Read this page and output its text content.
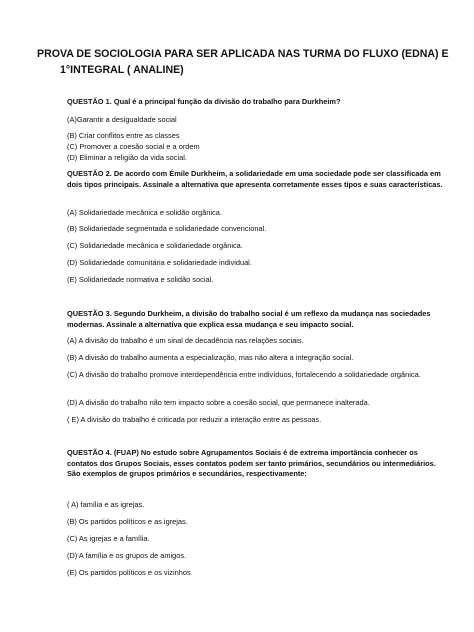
PROVA DE SOCIOLOGIA PARA SER APLICADA NAS TURMA DO FLUXO (EDNA) E
1°INTEGRAL ( ANALINE)
QUESTÃO 1. Qual é a principal função da divisão do trabalho para Durkheim?
(A)Garantir a desigualdade social
(B) Criar conflitos entre as classes
(C) Promover a coesão social e a ordem
(D) Eliminar a religião da vida social.
QUESTÃO 2. De acordo com Émile Durkheim, a solidariedade em uma sociedade pode ser classificada em dois tipos principais. Assinale a alternativa que apresenta corretamente esses tipos e suas características.
(A) Solidariedade mecânica e solidão orgânica.
(B) Solidariedade segmentada e solidariedade convencional.
(C) Solidariedade mecânica e solidariedade orgânica.
(D) Solidariedade comunitária e solidariedade individual.
(E) Solidariedade normativa e solidão social.
QUESTÃO 3. Segundo Durkheim, a divisão do trabalho social é um reflexo da mudança nas sociedades modernas. Assinale a alternativa que explica essa mudança e seu impacto social.
(A) A divisão do trabalho é um sinal de decadência nas relações sociais.
(B) A divisão do trabalho aumenta a especialização, mas não altera a integração social.
(C) A divisão do trabalho promove interdependência entre indivíduos, fortalecendo a solidariedade orgânica.
(D) A divisão do trabalho não tem impacto sobre a coesão social, que permanece inalterada.
( E) A divisão do trabalho é criticada por reduzir a interação entre as pessoas.
QUESTÃO 4. (FUAP) No estudo sobre Agrupamentos Sociais é de extrema importância conhecer os contatos dos Grupos Sociais, esses contatos podem ser tanto primários, secundários ou intermediários. São exemplos de grupos primários e secundários, respectivamente:
( A) família e as igrejas.
(B) Os partidos políticos e as igrejas.
(C) As igrejas e a família.
(D) A família e os grupos de amigos.
(E) Os partidos políticos e os vizinhos
